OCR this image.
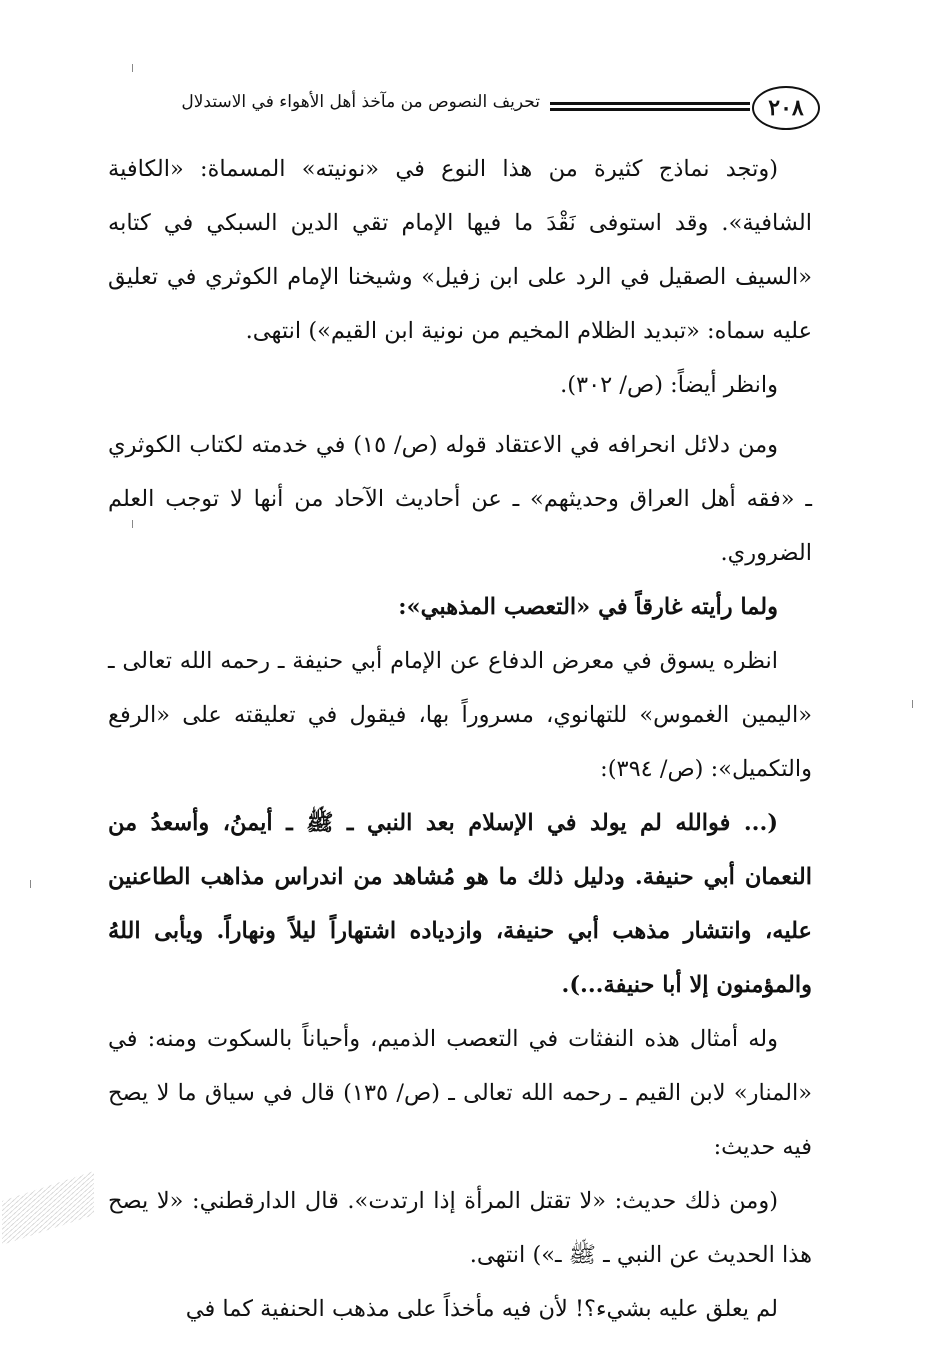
٢٠٨
تحريف النصوص من مآخذ أهل الأهواء في الاستدلال

(وتجد نماذج كثيرة من هذا النوع في «نونيته» المسماة: «الكافية الشافية». وقد استوفى نَقْدَ ما فيها الإمام تقي الدين السبكي في كتابه «السيف الصقيل في الرد على ابن زفيل» وشيخنا الإمام الكوثري في تعليق عليه سماه: «تبديد الظلام المخيم من نونية ابن القيم») انتهى.

وانظر أيضاً: (ص/ ٣٠٢).

ومن دلائل انحرافه في الاعتقاد قوله (ص/ ١٥) في خدمته لكتاب الكوثري ـ «فقه أهل العراق وحديثهم» ـ عن أحاديث الآحاد من أنها لا توجب العلم الضروري.

ولما رأيته غارقاً في «التعصب المذهبي»:

انظره يسوق في معرض الدفاع عن الإمام أبي حنيفة ـ رحمه الله تعالى ـ «اليمين الغموس» للتهانوي، مسروراً بها، فيقول في تعليقته على «الرفع والتكميل»: (ص/ ٣٩٤):

(... فوالله لم يولد في الإسلام بعد النبي ـ ﷺ ـ أيمنُ، وأسعدُ من النعمان أبي حنيفة. ودليل ذلك ما هو مُشاهد من اندراس مذاهب الطاعنين عليه، وانتشار مذهب أبي حنيفة، وازدياده اشتهاراً ليلاً ونهاراً. ويأبى اللهُ والمؤمنون إلا أبا حنيفة...).

وله أمثال هذه النفثات في التعصب الذميم، وأحياناً بالسكوت ومنه: في «المنار» لابن القيم ـ رحمه الله تعالى ـ (ص/ ١٣٥) قال في سياق ما لا يصح فيه حديث:

(ومن ذلك حديث: «لا تقتل المرأة إذا ارتدت». قال الدارقطني: «لا يصح هذا الحديث عن النبي ـ ﷺ ـ») انتهى.

لم يعلق عليه بشيء؟! لأن فيه مأخذاً على مذهب الحنفية كما في
